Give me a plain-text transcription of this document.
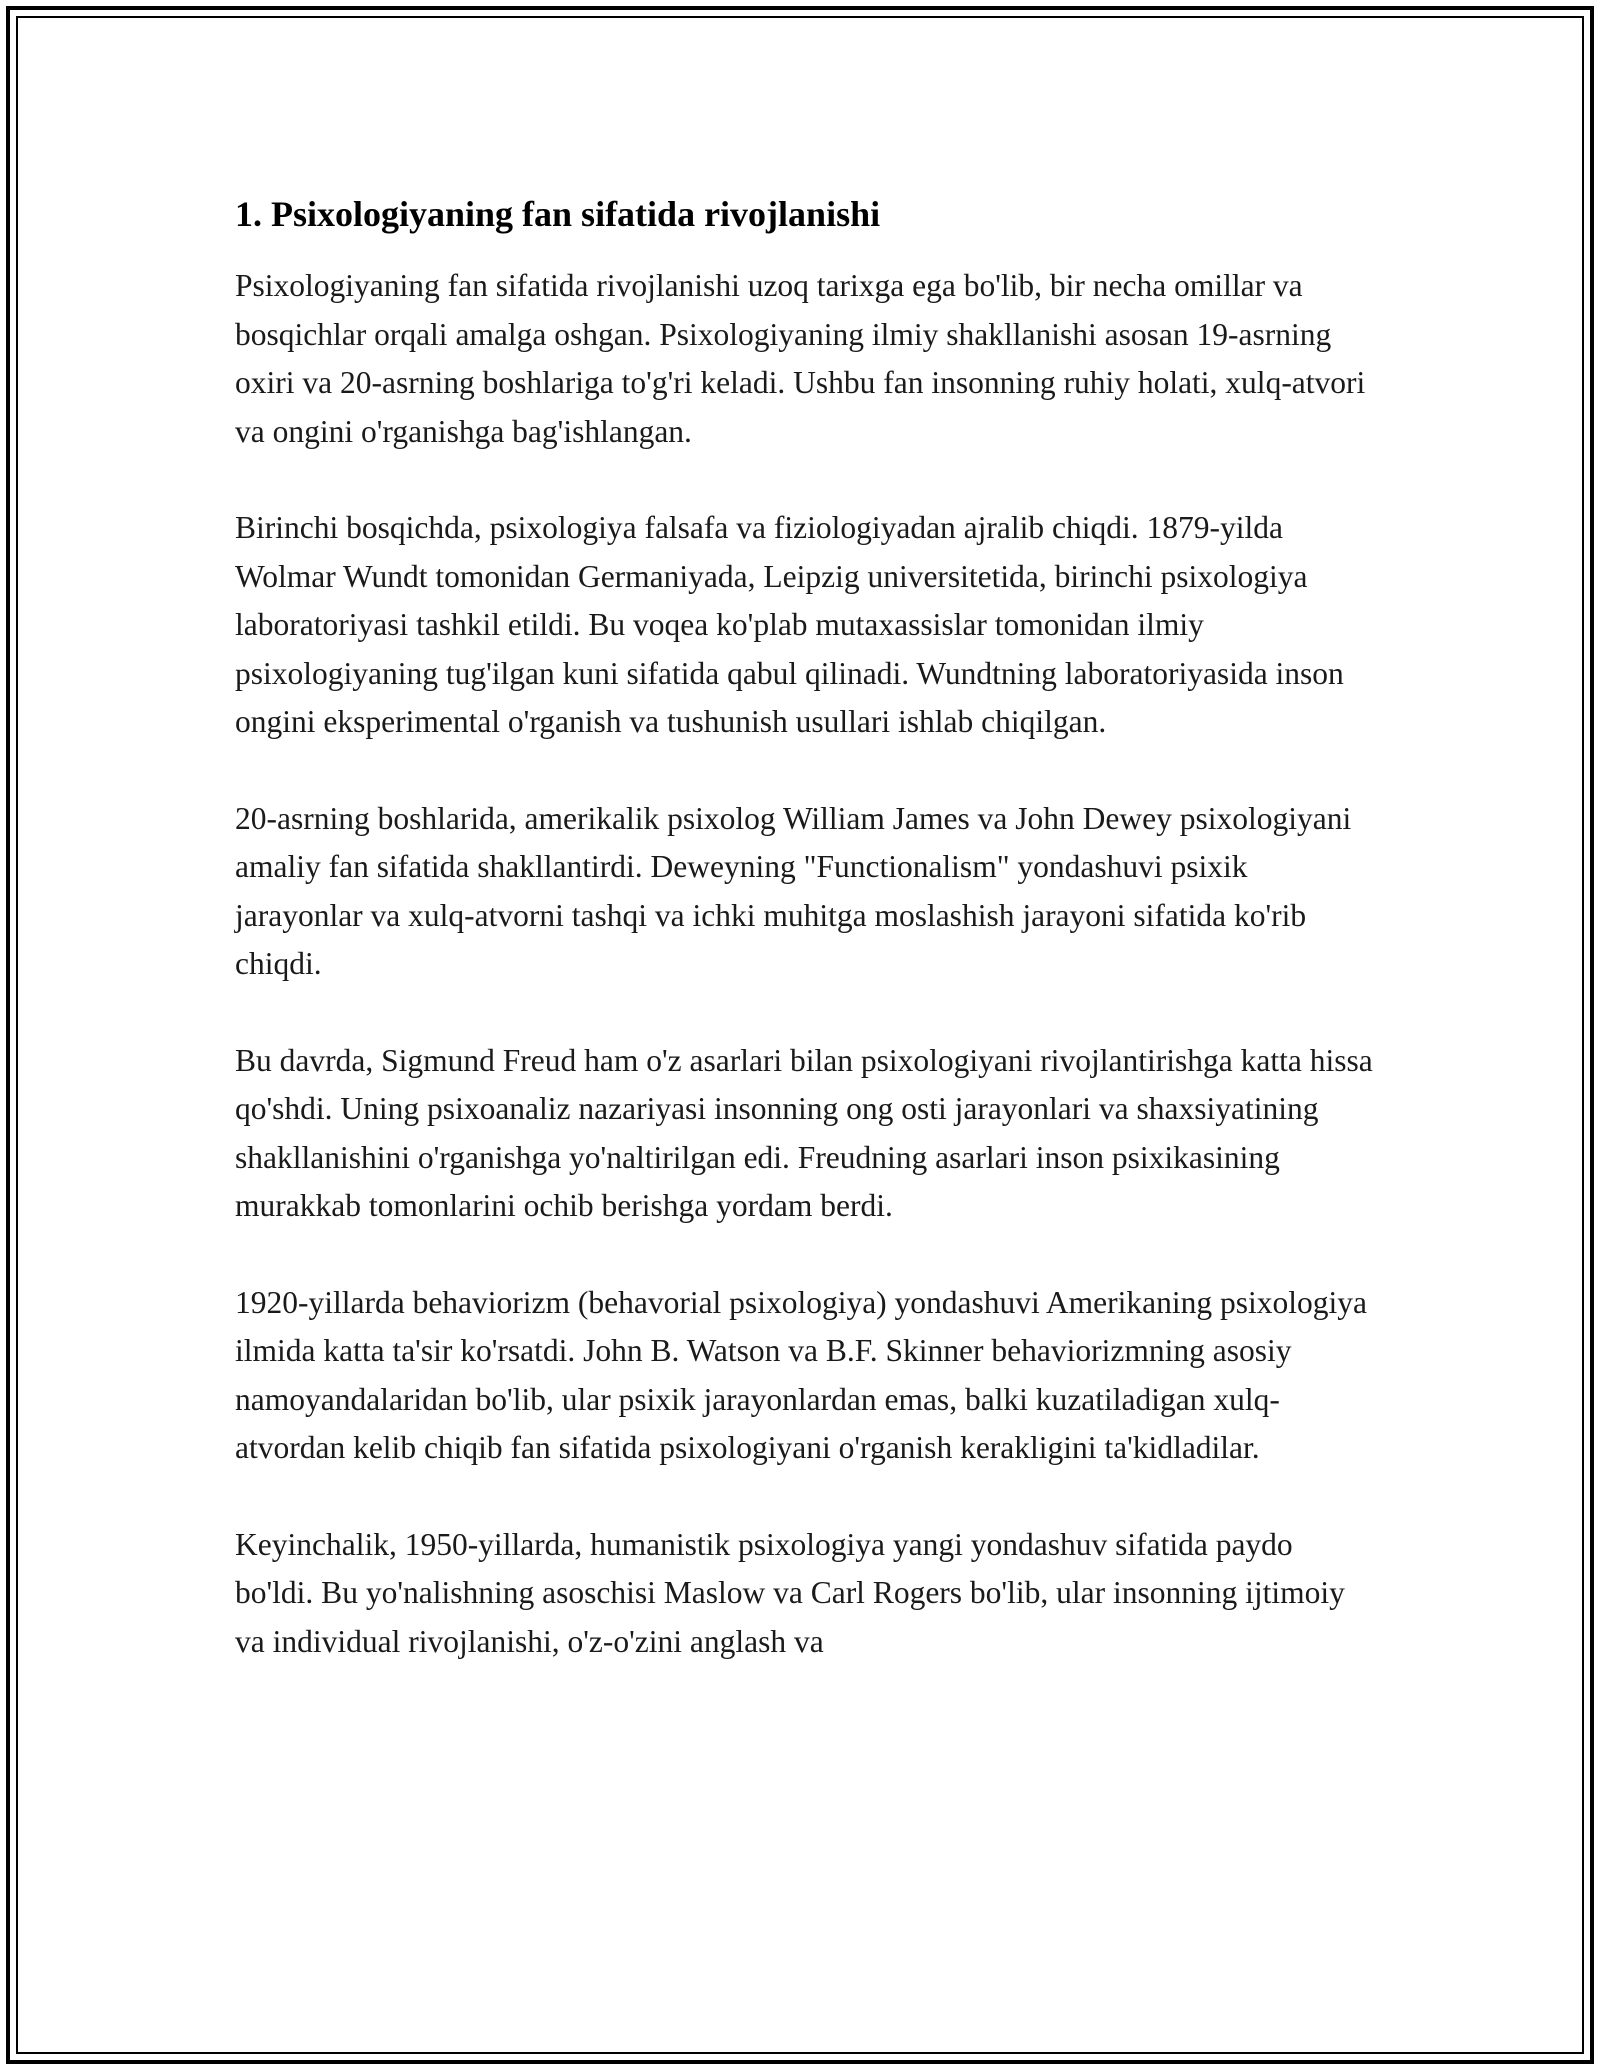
1. Psixologiyaning fan sifatida rivojlanishi

Psixologiyaning fan sifatida rivojlanishi uzoq tarixga ega bo'lib, bir necha omillar va bosqichlar orqali amalga oshgan. Psixologiyaning ilmiy shakllanishi asosan 19-asrning oxiri va 20-asrning boshlariga to'g'ri keladi. Ushbu fan insonning ruhiy holati, xulq-atvori va ongini o'rganishga bag'ishlangan.

Birinchi bosqichda, psixologiya falsafa va fiziologiyadan ajralib chiqdi. 1879-yilda Wolmar Wundt tomonidan Germaniyada, Leipzig universitetida, birinchi psixologiya laboratoriyasi tashkil etildi. Bu voqea ko'plab mutaxassislar tomonidan ilmiy psixologiyaning tug'ilgan kuni sifatida qabul qilinadi. Wundtning laboratoriyasida inson ongini eksperimental o'rganish va tushunish usullari ishlab chiqilgan.

20-asrning boshlarida, amerikalik psixolog William James va John Dewey psixologiyani amaliy fan sifatida shakllantirdi. Deweyning "Functionalism" yondashuvi psixik jarayonlar va xulq-atvorni tashqi va ichki muhitga moslashish jarayoni sifatida ko'rib chiqdi.

Bu davrda, Sigmund Freud ham o'z asarlari bilan psixologiyani rivojlantirishga katta hissa qo'shdi. Uning psixoanaliz nazariyasi insonning ong osti jarayonlari va shaxsiyatining shakllanishini o'rganishga yo'naltirilgan edi. Freudning asarlari inson psixikasining murakkab tomonlarini ochib berishga yordam berdi.

1920-yillarda behaviorizm (behavorial psixologiya) yondashuvi Amerikaning psixologiya ilmida katta ta'sir ko'rsatdi. John B. Watson va B.F. Skinner behaviorizmning asosiy namoyandalaridan bo'lib, ular psixik jarayonlardan emas, balki kuzatiladigan xulq-atvordan kelib chiqib fan sifatida psixologiyani o'rganish kerakligini ta'kidladilar.

Keyinchalik, 1950-yillarda, humanistik psixologiya yangi yondashuv sifatida paydo bo'ldi. Bu yo'nalishning asoschisi Maslow va Carl Rogers bo'lib, ular insonning ijtimoiy va individual rivojlanishi, o'z-o'zini anglash va
